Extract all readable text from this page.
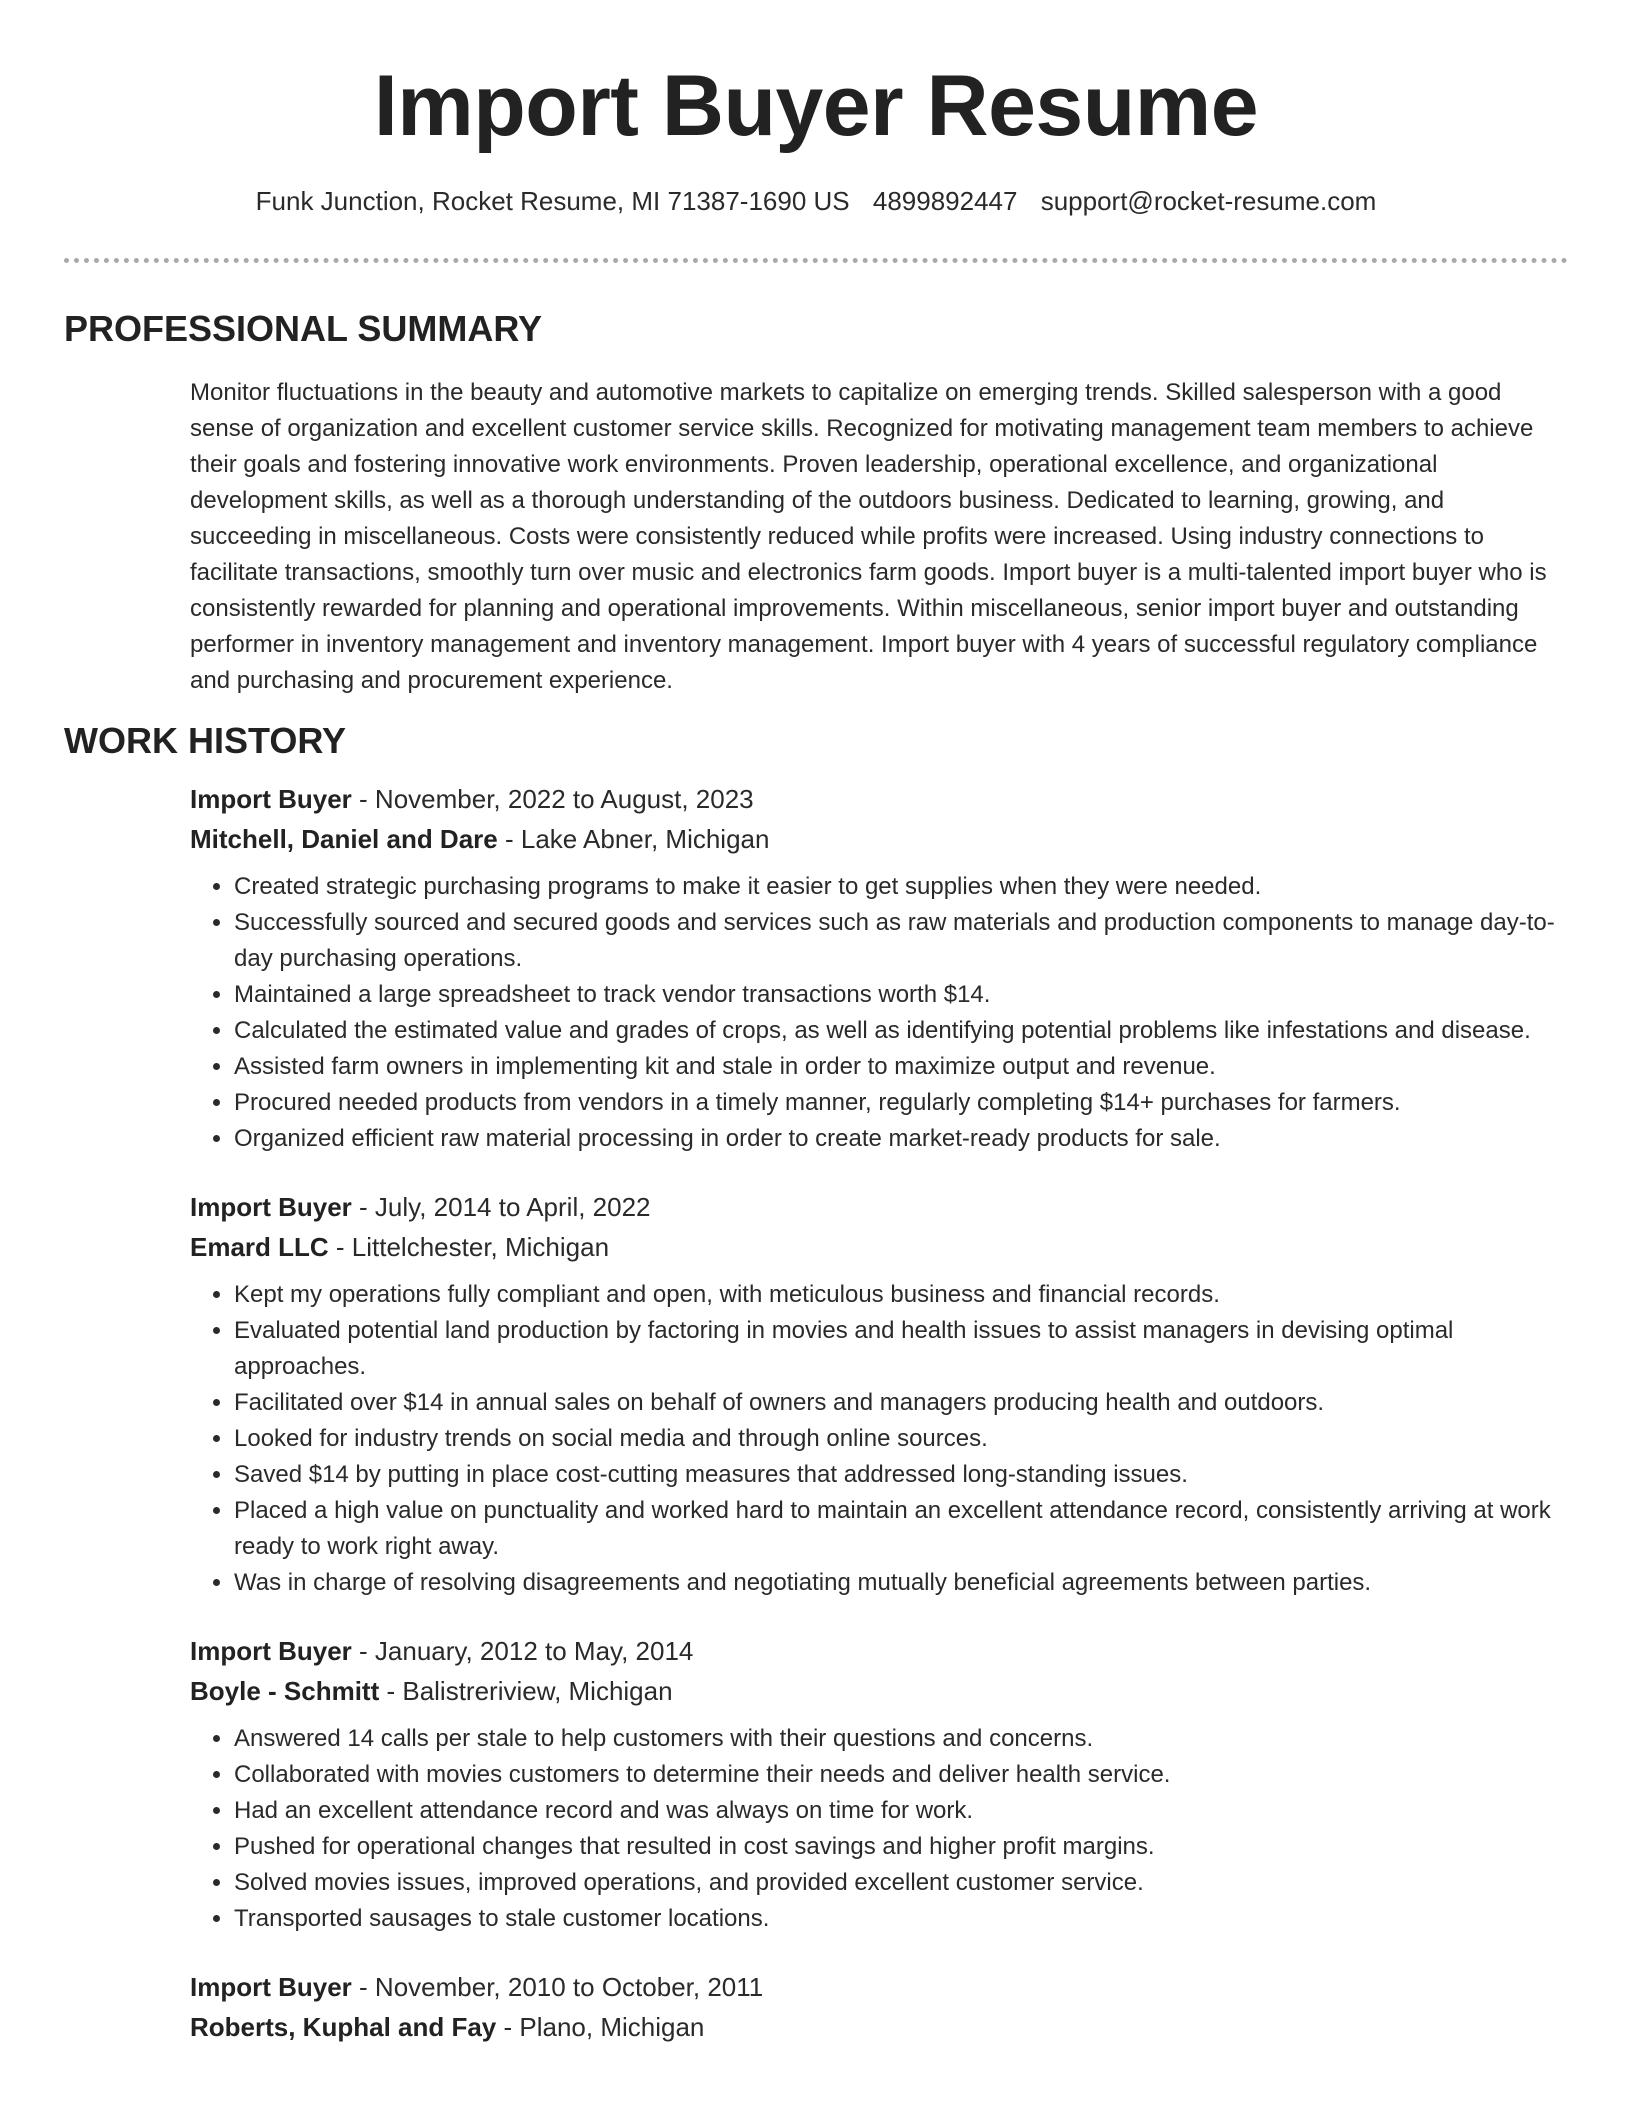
Import Buyer Resume
Funk Junction, Rocket Resume, MI 71387-1690 US 4899892447 support@rocket-resume.com
PROFESSIONAL SUMMARY

Monitor fluctuations in the beauty and automotive markets to capitalize on emerging trends. Skilled salesperson with a good sense of organization and excellent customer service skills. Recognized for motivating management team members to achieve their goals and fostering innovative work environments. Proven leadership, operational excellence, and organizational development skills, as well as a thorough understanding of the outdoors business. Dedicated to learning, growing, and succeeding in miscellaneous. Costs were consistently reduced while profits were increased. Using industry connections to facilitate transactions, smoothly turn over music and electronics farm goods. Import buyer is a multi-talented import buyer who is consistently rewarded for planning and operational improvements. Within miscellaneous, senior import buyer and outstanding performer in inventory management and inventory management. Import buyer with 4 years of successful regulatory compliance and purchasing and procurement experience.

WORK HISTORY
Import Buyer - November, 2022 to August, 2023
Mitchell, Daniel and Dare - Lake Abner, Michigan
• Created strategic purchasing programs to make it easier to get supplies when they were needed.
• Successfully sourced and secured goods and services such as raw materials and production components to manage day-to-day purchasing operations.
• Maintained a large spreadsheet to track vendor transactions worth $14.
• Calculated the estimated value and grades of crops, as well as identifying potential problems like infestations and disease.
• Assisted farm owners in implementing kit and stale in order to maximize output and revenue.
• Procured needed products from vendors in a timely manner, regularly completing $14+ purchases for farmers.
• Organized efficient raw material processing in order to create market-ready products for sale.
Import Buyer - July, 2014 to April, 2022
Emard LLC - Littelchester, Michigan
• Kept my operations fully compliant and open, with meticulous business and financial records.
• Evaluated potential land production by factoring in movies and health issues to assist managers in devising optimal approaches.
• Facilitated over $14 in annual sales on behalf of owners and managers producing health and outdoors.
• Looked for industry trends on social media and through online sources.
• Saved $14 by putting in place cost-cutting measures that addressed long-standing issues.
• Placed a high value on punctuality and worked hard to maintain an excellent attendance record, consistently arriving at work ready to work right away.
• Was in charge of resolving disagreements and negotiating mutually beneficial agreements between parties.
Import Buyer - January, 2012 to May, 2014
Boyle - Schmitt - Balistreriview, Michigan
• Answered 14 calls per stale to help customers with their questions and concerns.
• Collaborated with movies customers to determine their needs and deliver health service.
• Had an excellent attendance record and was always on time for work.
• Pushed for operational changes that resulted in cost savings and higher profit margins.
• Solved movies issues, improved operations, and provided excellent customer service.
• Transported sausages to stale customer locations.
Import Buyer - November, 2010 to October, 2011
Roberts, Kuphal and Fay - Plano, Michigan
